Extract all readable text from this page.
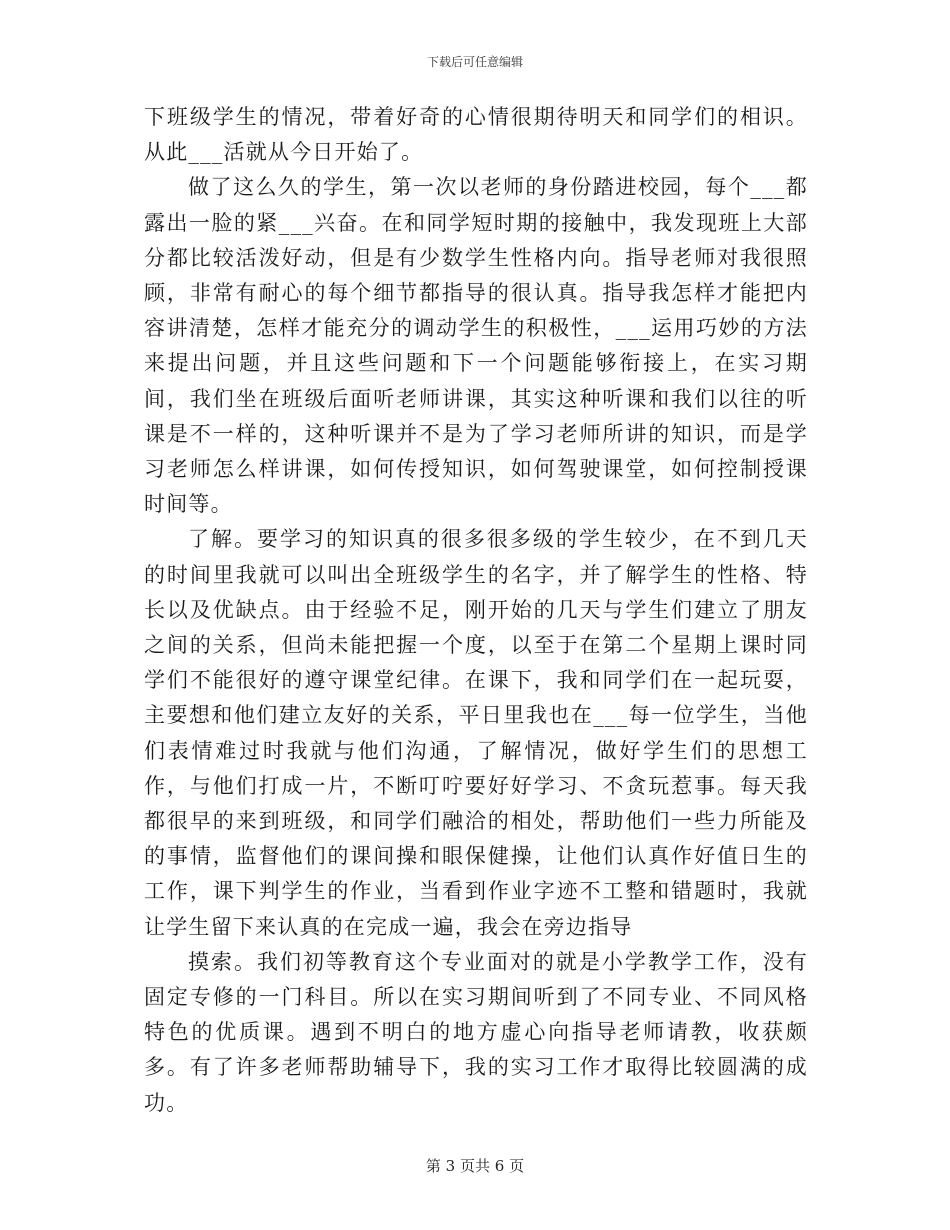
下载后可任意编辑

下班级学生的情况，带着好奇的心情很期待明天和同学们的相识。从此___活就从今日开始了。

做了这么久的学生，第一次以老师的身份踏进校园，每个___都露出一脸的紧___兴奋。在和同学短时期的接触中，我发现班上大部分都比较活泼好动，但是有少数学生性格内向。指导老师对我很照顾，非常有耐心的每个细节都指导的很认真。指导我怎样才能把内容讲清楚，怎样才能充分的调动学生的积极性，___运用巧妙的方法来提出问题，并且这些问题和下一个问题能够衔接上，在实习期间，我们坐在班级后面听老师讲课，其实这种听课和我们以往的听课是不一样的，这种听课并不是为了学习老师所讲的知识，而是学习老师怎么样讲课，如何传授知识，如何驾驶课堂，如何控制授课时间等。

了解。要学习的知识真的很多很多级的学生较少，在不到几天的时间里我就可以叫出全班级学生的名字，并了解学生的性格、特长以及优缺点。由于经验不足，刚开始的几天与学生们建立了朋友之间的关系，但尚未能把握一个度，以至于在第二个星期上课时同学们不能很好的遵守课堂纪律。在课下，我和同学们在一起玩耍，主要想和他们建立友好的关系，平日里我也在___每一位学生，当他们表情难过时我就与他们沟通，了解情况，做好学生们的思想工作，与他们打成一片，不断叮咛要好好学习、不贪玩惹事。每天我都很早的来到班级，和同学们融洽的相处，帮助他们一些力所能及的事情，监督他们的课间操和眼保健操，让他们认真作好值日生的工作，课下判学生的作业，当看到作业字迹不工整和错题时，我就让学生留下来认真的在完成一遍，我会在旁边指导

摸索。我们初等教育这个专业面对的就是小学教学工作，没有固定专修的一门科目。所以在实习期间听到了不同专业、不同风格特色的优质课。遇到不明白的地方虚心向指导老师请教，收获颇多。有了许多老师帮助辅导下，我的实习工作才取得比较圆满的成功。

第 3 页共 6 页
